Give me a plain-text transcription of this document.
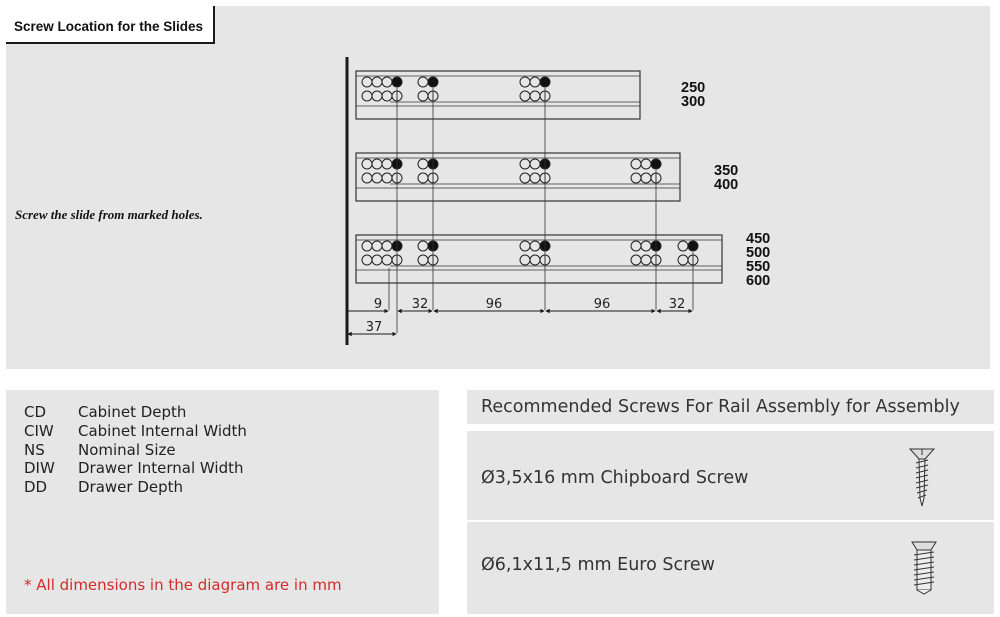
Screw Location for the Slides
Screw the slide from marked holes.
9 32	96	96	32
37
250
300
350
400
450
500
550
600
CD Cabinet Depth
CIW Cabinet Internal Width
NS Nominal Size
DIW Drawer Internal Width
DD Drawer Depth
* All dimensions in the diagram are in mm
Recommended Screws For Rail Assembly for Assembly
Ø3,5x16 mm Chipboard Screw
Ø6,1x11,5 mm Euro Screw
